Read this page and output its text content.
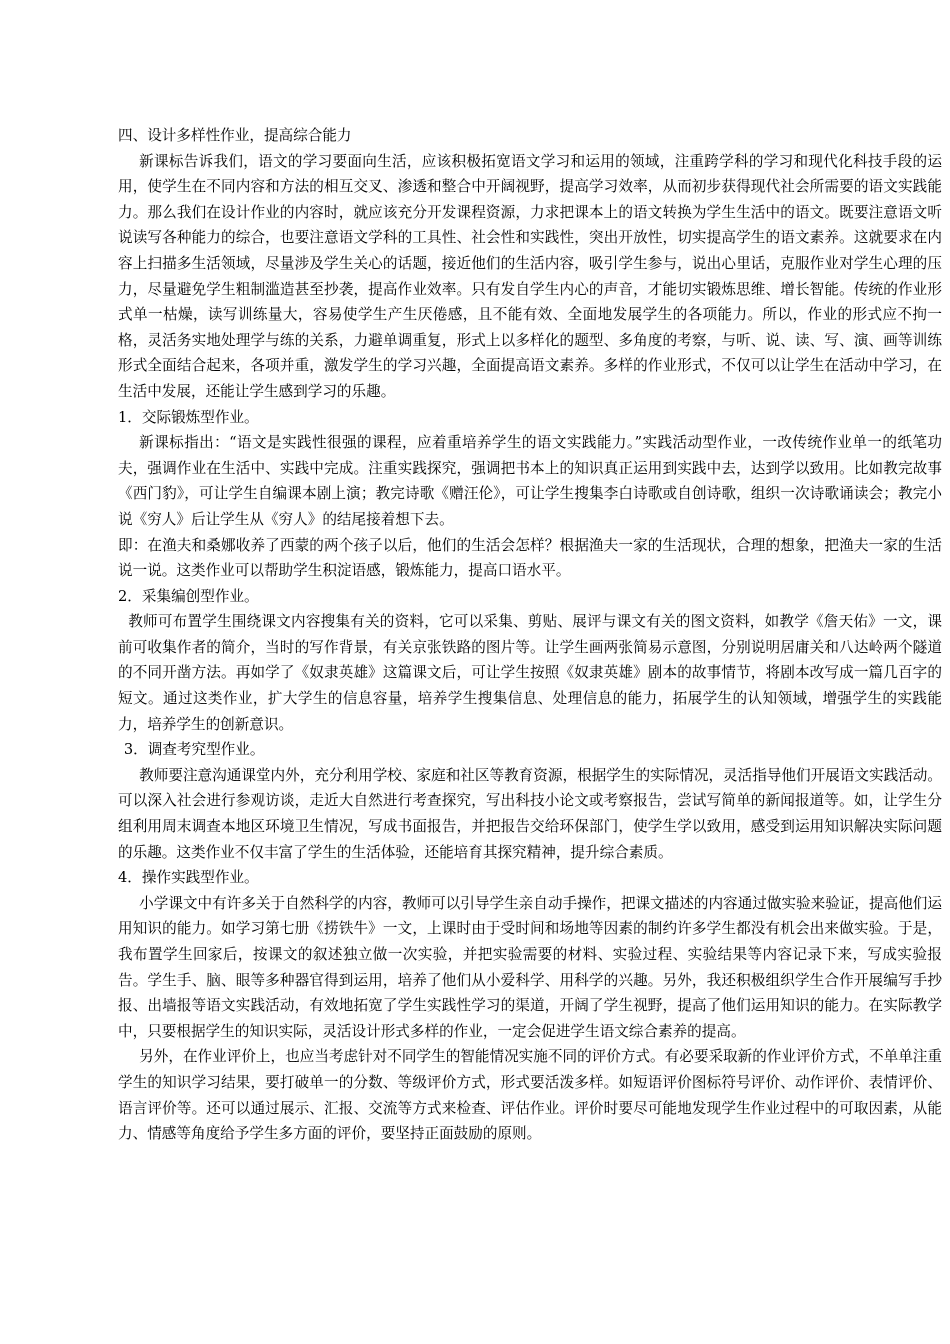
四、设计多样性作业，提高综合能力

新课标告诉我们，语文的学习要面向生活，应该积极拓宽语文学习和运用的领域，注重跨学科的学习和现代化科技手段的运用，使学生在不同内容和方法的相互交叉、渗透和整合中开阔视野，提高学习效率，从而初步获得现代社会所需要的语文实践能力。那么我们在设计作业的内容时，就应该充分开发课程资源，力求把课本上的语文转换为学生生活中的语文。既要注意语文听说读写各种能力的综合，也要注意语文学科的工具性、社会性和实践性，突出开放性，切实提高学生的语文素养。这就要求在内容上扫描多生活领域，尽量涉及学生关心的话题，接近他们的生活内容，吸引学生参与，说出心里话，克服作业对学生心理的压力，尽量避免学生粗制滥造甚至抄袭，提高作业效率。只有发自学生内心的声音，才能切实锻炼思维、增长智能。传统的作业形式单一枯燥，读写训练量大，容易使学生产生厌倦感，且不能有效、全面地发展学生的各项能力。所以，作业的形式应不拘一格，灵活务实地处理学与练的关系，力避单调重复，形式上以多样化的题型、多角度的考察，与听、说、读、写、演、画等训练形式全面结合起来，各项并重，激发学生的学习兴趣，全面提高语文素养。多样的作业形式，不仅可以让学生在活动中学习，在生活中发展，还能让学生感到学习的乐趣。

1．交际锻炼型作业。

新课标指出：“语文是实践性很强的课程，应着重培养学生的语文实践能力。”实践活动型作业，一改传统作业单一的纸笔功夫，强调作业在生活中、实践中完成。注重实践探究，强调把书本上的知识真正运用到实践中去，达到学以致用。比如教完故事《西门豹》，可让学生自编课本剧上演；教完诗歌《赠汪伦》，可让学生搜集李白诗歌或自创诗歌，组织一次诗歌诵读会；教完小说《穷人》后让学生从《穷人》的结尾接着想下去。

即：在渔夫和桑娜收养了西蒙的两个孩子以后，他们的生活会怎样？根据渔夫一家的生活现状，合理的想象，把渔夫一家的生活说一说。这类作业可以帮助学生积淀语感，锻炼能力，提高口语水平。

2．采集编创型作业。

教师可布置学生围绕课文内容搜集有关的资料，它可以采集、剪贴、展评与课文有关的图文资料，如教学《詹天佑》一文，课前可收集作者的简介，当时的写作背景，有关京张铁路的图片等。让学生画两张简易示意图，分别说明居庸关和八达岭两个隧道的不同开凿方法。再如学了《奴隶英雄》这篇课文后，可让学生按照《奴隶英雄》剧本的故事情节，将剧本改写成一篇几百字的短文。通过这类作业，扩大学生的信息容量，培养学生搜集信息、处理信息的能力，拓展学生的认知领域，增强学生的实践能力，培养学生的创新意识。

3．调查考究型作业。

教师要注意沟通课堂内外，充分利用学校、家庭和社区等教育资源，根据学生的实际情况，灵活指导他们开展语文实践活动。可以深入社会进行参观访谈，走近大自然进行考查探究，写出科技小论文或考察报告，尝试写简单的新闻报道等。如，让学生分组利用周末调查本地区环境卫生情况，写成书面报告，并把报告交给环保部门，使学生学以致用，感受到运用知识解决实际问题的乐趣。这类作业不仅丰富了学生的生活体验，还能培育其探究精神，提升综合素质。

4．操作实践型作业。

小学课文中有许多关于自然科学的内容，教师可以引导学生亲自动手操作，把课文描述的内容通过做实验来验证，提高他们运用知识的能力。如学习第七册《捞铁牛》一文，上课时由于受时间和场地等因素的制约许多学生都没有机会出来做实验。于是，我布置学生回家后，按课文的叙述独立做一次实验，并把实验需要的材料、实验过程、实验结果等内容记录下来，写成实验报告。学生手、脑、眼等多种器官得到运用，培养了他们从小爱科学、用科学的兴趣。另外，我还积极组织学生合作开展编写手抄报、出墙报等语文实践活动，有效地拓宽了学生实践性学习的渠道，开阔了学生视野，提高了他们运用知识的能力。在实际教学中，只要根据学生的知识实际，灵活设计形式多样的作业，一定会促进学生语文综合素养的提高。

另外，在作业评价上，也应当考虑针对不同学生的智能情况实施不同的评价方式。有必要采取新的作业评价方式，不单单注重学生的知识学习结果，要打破单一的分数、等级评价方式，形式要活泼多样。如短语评价图标符号评价、动作评价、表情评价、语言评价等。还可以通过展示、汇报、交流等方式来检查、评估作业。评价时要尽可能地发现学生作业过程中的可取因素，从能力、情感等角度给予学生多方面的评价，要坚持正面鼓励的原则。
